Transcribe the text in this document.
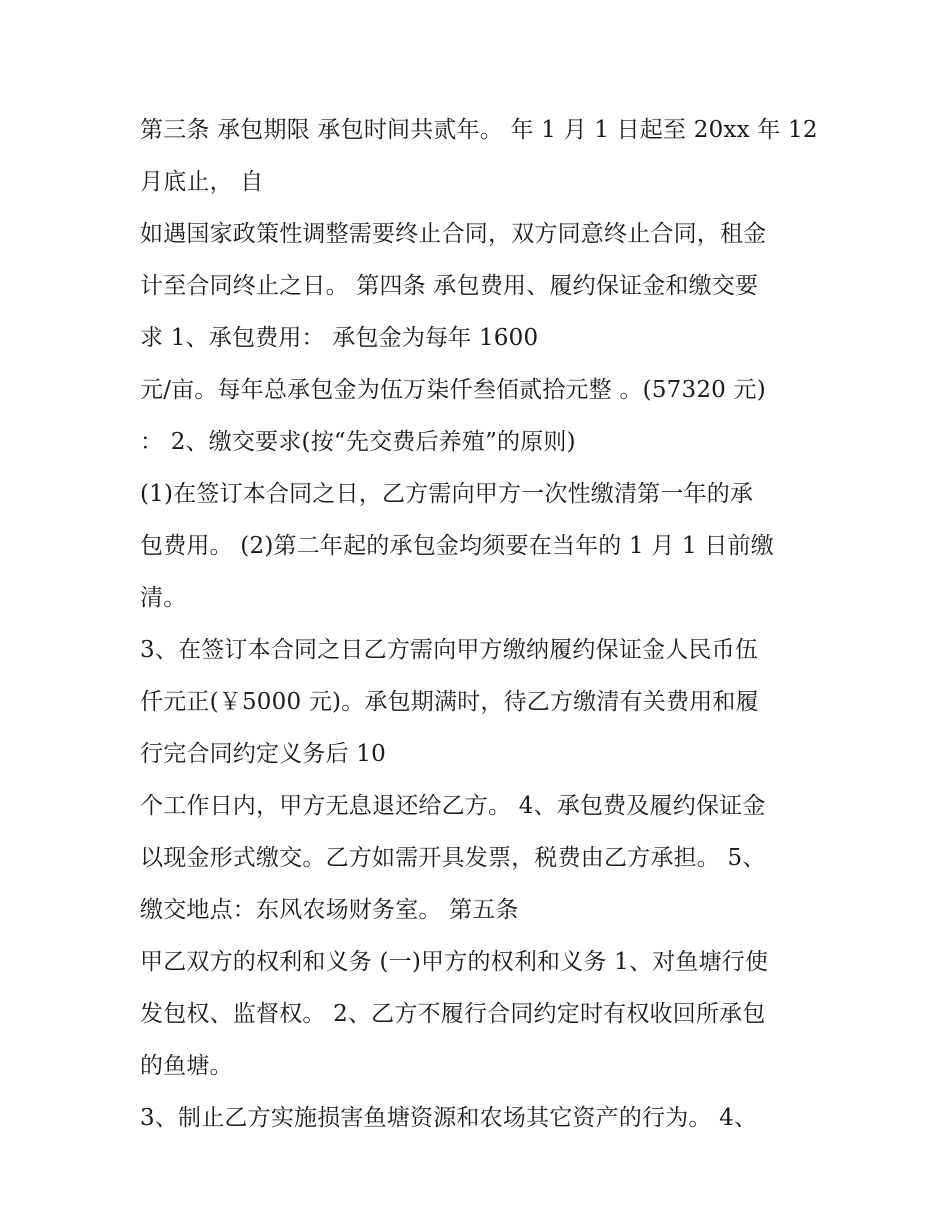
第三条 承包期限 承包时间共贰年。 年 1 月 1 日起至 20xx 年 12
月底止， 自
如遇国家政策性调整需要终止合同，双方同意终止合同，租金
计至合同终止之日。 第四条 承包费用、履约保证金和缴交要
求 1、承包费用： 承包金为每年 1600
元/亩。每年总承包金为伍万柒仟叁佰贰拾元整 。(57320 元)
： 2、缴交要求(按“先交费后养殖”的原则)
(1)在签订本合同之日，乙方需向甲方一次性缴清第一年的承
包费用。 (2)第二年起的承包金均须要在当年的 1 月 1 日前缴
清。
3、在签订本合同之日乙方需向甲方缴纳履约保证金人民币伍
仟元正(￥5000 元)。承包期满时，待乙方缴清有关费用和履
行完合同约定义务后 10
个工作日内，甲方无息退还给乙方。 4、承包费及履约保证金
以现金形式缴交。乙方如需开具发票，税费由乙方承担。 5、
缴交地点：东风农场财务室。 第五条
甲乙双方的权利和义务 (一)甲方的权利和义务 1、对鱼塘行使
发包权、监督权。 2、乙方不履行合同约定时有权收回所承包
的鱼塘。
3、制止乙方实施损害鱼塘资源和农场其它资产的行为。 4、
